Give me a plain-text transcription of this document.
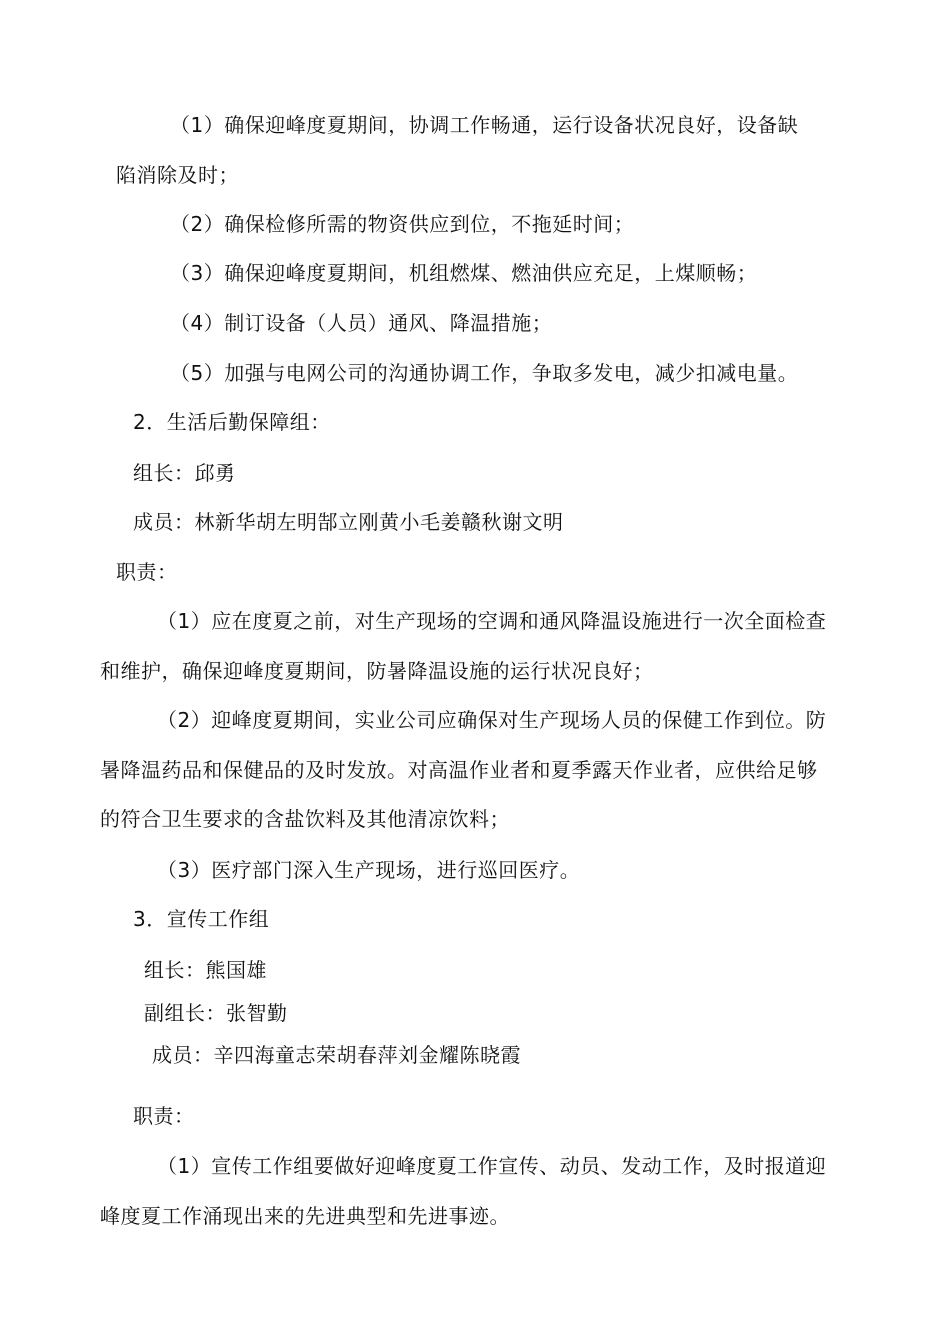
（1）确保迎峰度夏期间，协调工作畅通，运行设备状况良好，设备缺
陷消除及时；
（2）确保检修所需的物资供应到位，不拖延时间；
（3）确保迎峰度夏期间，机组燃煤、燃油供应充足，上煤顺畅；
（4）制订设备（人员）通风、降温措施；
（5）加强与电网公司的沟通协调工作，争取多发电，减少扣减电量。
2．生活后勤保障组：
组长：邱勇
成员：林新华胡左明郜立刚黄小毛姜赣秋谢文明
职责：
（1）应在度夏之前，对生产现场的空调和通风降温设施进行一次全面检查
和维护，确保迎峰度夏期间，防暑降温设施的运行状况良好；
（2）迎峰度夏期间，实业公司应确保对生产现场人员的保健工作到位。防
暑降温药品和保健品的及时发放。对高温作业者和夏季露天作业者，应供给足够
的符合卫生要求的含盐饮料及其他清凉饮料；
（3）医疗部门深入生产现场，进行巡回医疗。
3．宣传工作组
组长：熊国雄
副组长：张智勤
成员：辛四海童志荣胡春萍刘金耀陈晓霞
职责：
（1）宣传工作组要做好迎峰度夏工作宣传、动员、发动工作，及时报道迎
峰度夏工作涌现出来的先进典型和先进事迹。
